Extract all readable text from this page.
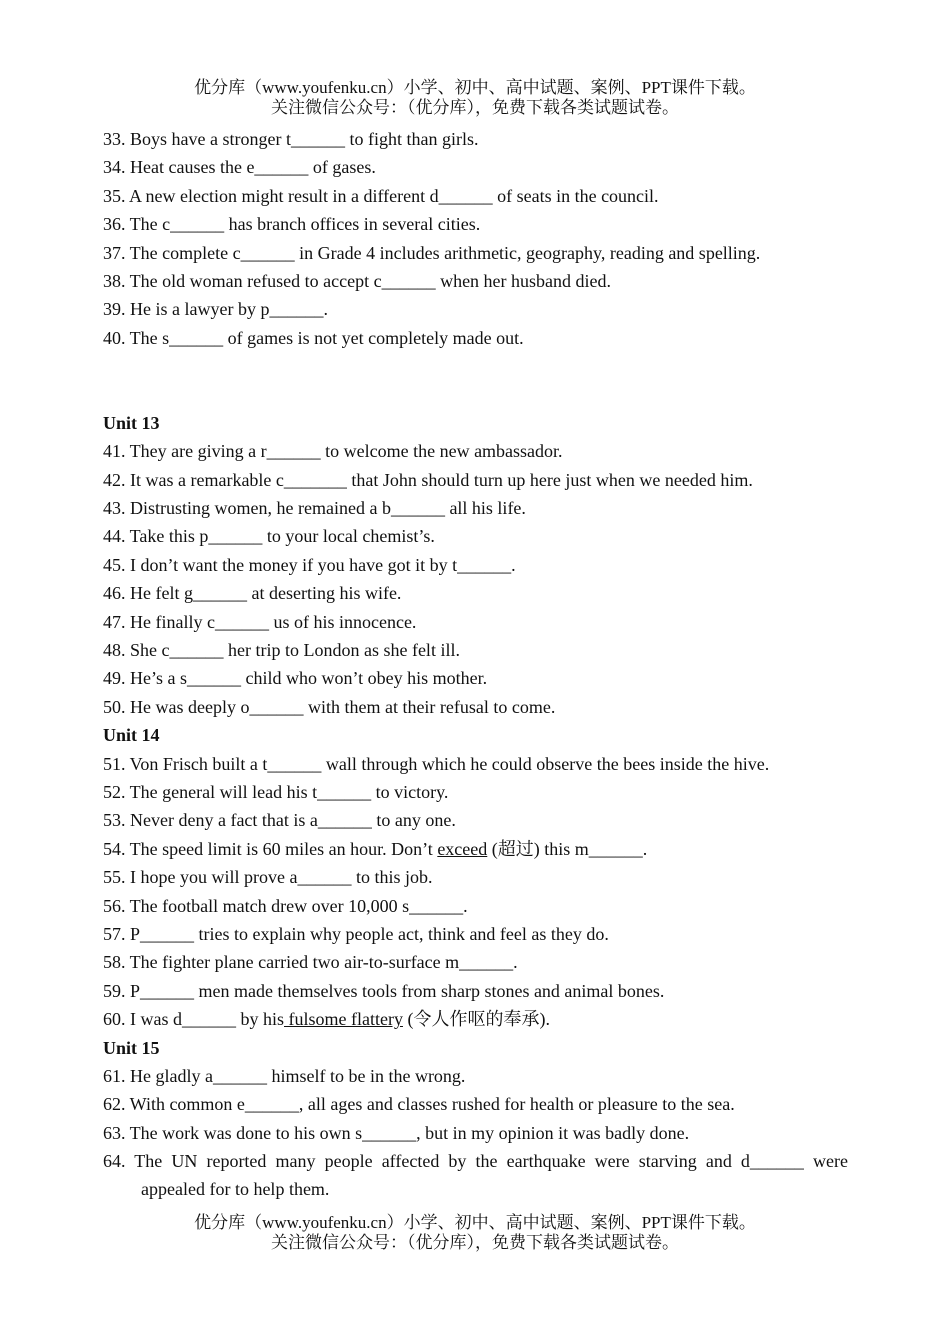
优分库（www.youfenku.cn）小学、初中、高中试题、案例、PPT课件下载。
关注微信公众号：（优分库），免费下载各类试题试卷。
33. Boys have a stronger t______ to fight than girls.
34. Heat causes the e______ of gases.
35. A new election might result in a different d______ of seats in the council.
36. The c______ has branch offices in several cities.
37. The complete c______ in Grade 4 includes arithmetic, geography, reading and spelling.
38. The old woman refused to accept c______ when her husband died.
39. He is a lawyer by p______.
40. The s______ of games is not yet completely made out.
Unit 13
41. They are giving a r______ to welcome the new ambassador.
42. It was a remarkable c_______ that John should turn up here just when we needed him.
43. Distrusting women, he remained a b______ all his life.
44. Take this p______ to your local chemist’s.
45. I don’t want the money if you have got it by t______.
46. He felt g______ at deserting his wife.
47. He finally c______ us of his innocence.
48. She c______ her trip to London as she felt ill.
49. He’s a s______ child who won’t obey his mother.
50. He was deeply o______ with them at their refusal to come.
Unit 14
51. Von Frisch built a t______ wall through which he could observe the bees inside the hive.
52. The general will lead his t______ to victory.
53. Never deny a fact that is a______ to any one.
54. The speed limit is 60 miles an hour. Don’t exceed (超过) this m______.
55. I hope you will prove a______ to this job.
56. The football match drew over 10,000 s______.
57. P______ tries to explain why people act, think and feel as they do.
58. The fighter plane carried two air-to-surface m______.
59. P______ men made themselves tools from sharp stones and animal bones.
60. I was d______ by his fulsome flattery (令人作呕的奉承).
Unit 15
61. He gladly a______ himself to be in the wrong.
62. With common e______, all ages and classes rushed for health or pleasure to the sea.
63. The work was done to his own s______, but in my opinion it was badly done.
64. The UN reported many people affected by the earthquake were starving and d______ were
appealed for to help them.
优分库（www.youfenku.cn）小学、初中、高中试题、案例、PPT课件下载。
关注微信公众号：（优分库），免费下载各类试题试卷。
